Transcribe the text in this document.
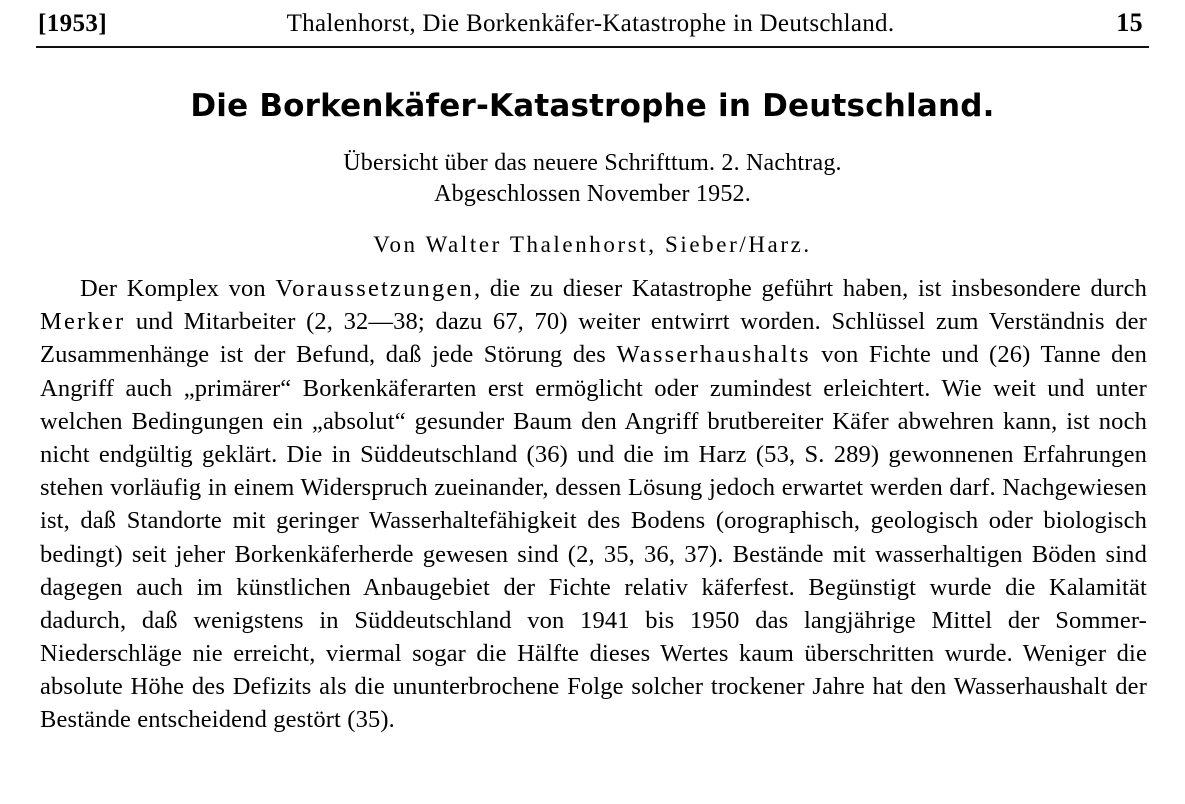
[1953]	Thalenhorst, Die Borkenkäfer-Katastrophe in Deutschland.	15
Die Borkenkäfer-Katastrophe in Deutschland.
Übersicht über das neuere Schrifttum. 2. Nachtrag.
Abgeschlossen November 1952.
Von Walter Thalenhorst, Sieber/Harz.

Der Komplex von Voraussetzungen, die zu dieser Katastrophe geführt haben, ist insbesondere durch Merker und Mitarbeiter (2, 32—38; dazu 67, 70) weiter entwirrt worden. Schlüssel zum Verständnis der Zusammenhänge ist der Befund, daß jede Störung des Wasserhaushalts von Fichte und (26) Tanne den Angriff auch „primärer“ Borkenkäferarten erst ermöglicht oder zumindest erleichtert. Wie weit und unter welchen Bedingungen ein „absolut“ gesunder Baum den Angriff brutbereiter Käfer abwehren kann, ist noch nicht endgültig geklärt. Die in Süddeutschland (36) und die im Harz (53, S. 289) gewonnenen Erfahrungen stehen vorläufig in einem Widerspruch zueinander, dessen Lösung jedoch erwartet werden darf. Nachgewiesen ist, daß Standorte mit geringer Wasserhaltefähigkeit des Bodens (orographisch, geologisch oder biologisch bedingt) seit jeher Borkenkäferherde gewesen sind (2, 35, 36, 37). Bestände mit wasserhaltigen Böden sind dagegen auch im künstlichen Anbaugebiet der Fichte relativ käferfest. Begünstigt wurde die Kalamität dadurch, daß wenigstens in Süddeutschland von 1941 bis 1950 das langjährige Mittel der Sommer-Niederschläge nie erreicht, viermal sogar die Hälfte dieses Wertes kaum überschritten wurde. Weniger die absolute Höhe des Defizits als die ununterbrochene Folge solcher trockener Jahre hat den Wasserhaushalt der Bestände entscheidend gestört (35).
